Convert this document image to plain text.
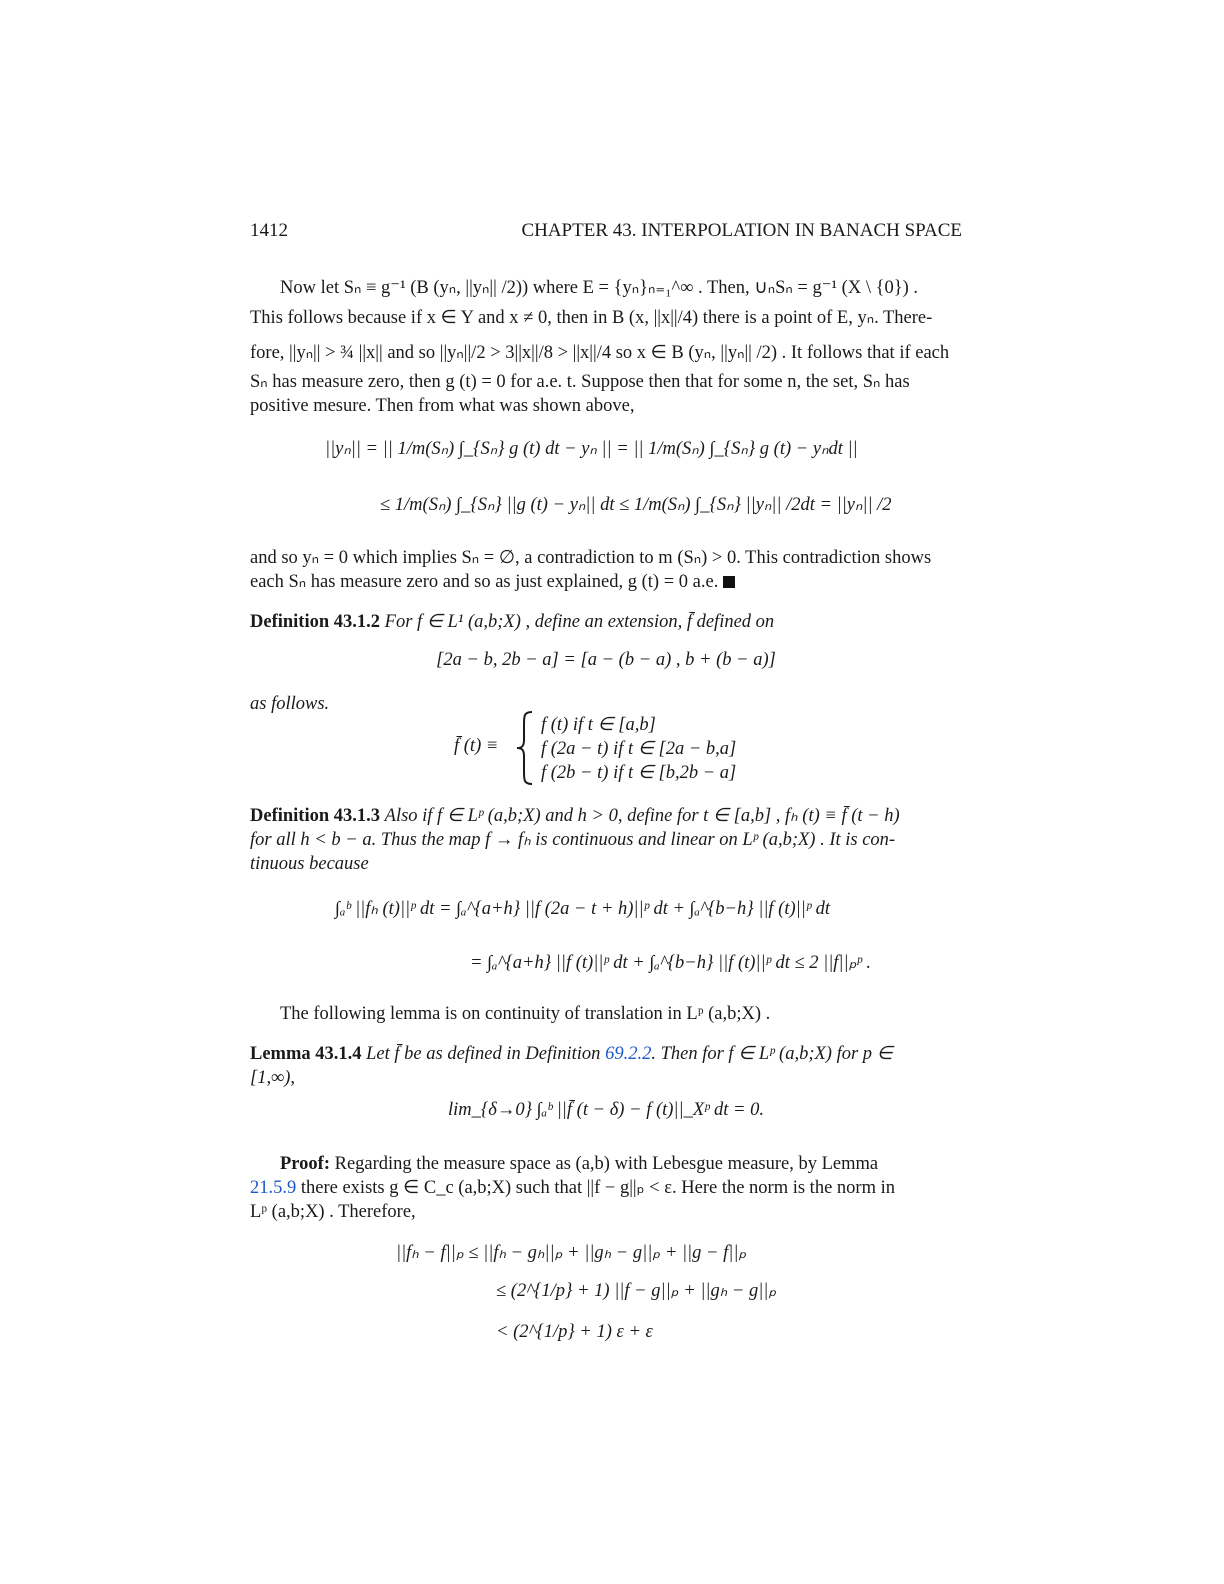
1412	CHAPTER 43. INTERPOLATION IN BANACH SPACE
Now let Sₙ ≡ g⁻¹ (B (yₙ, ||yₙ|| /2)) where E = {yₙ}ₙ₌₁^∞ . Then, ∪ₙSₙ = g⁻¹ (X \ {0}) .
This follows because if x ∈ Y and x ≠ 0, then in B (x, ||x||/4) there is a point of E, yₙ. There-
fore, ||yₙ|| > ¾ ||x|| and so ||yₙ||/2 > 3||x||/8 > ||x||/4 so x ∈ B (yₙ, ||yₙ|| /2) . It follows that if each
Sₙ has measure zero, then g (t) = 0 for a.e. t. Suppose then that for some n, the set, Sₙ has
positive mesure. Then from what was shown above,
||yₙ|| = || 1/m(Sₙ) ∫_{Sₙ} g (t) dt − yₙ || = || 1/m(Sₙ) ∫_{Sₙ} g (t) − yₙdt ||
≤ 1/m(Sₙ) ∫_{Sₙ} ||g (t) − yₙ|| dt ≤ 1/m(Sₙ) ∫_{Sₙ} ||yₙ|| /2dt = ||yₙ|| /2
and so yₙ = 0 which implies Sₙ = ∅, a contradiction to m (Sₙ) > 0. This contradiction shows
each Sₙ has measure zero and so as just explained, g (t) = 0 a.e.
Definition 43.1.2 For f ∈ L¹ (a,b;X) , define an extension, f̄ defined on
[2a − b, 2b − a] = [a − (b − a) , b + (b − a)]
as follows.
f̄ (t) ≡
f (t) if t ∈ [a,b]
f (2a − t) if t ∈ [2a − b,a]
f (2b − t) if t ∈ [b,2b − a]
Definition 43.1.3 Also if f ∈ Lᵖ (a,b;X) and h > 0, define for t ∈ [a,b] , fₕ (t) ≡ f̄ (t − h)
for all h < b − a. Thus the map f → fₕ is continuous and linear on Lᵖ (a,b;X) . It is con-
tinuous because
∫ₐᵇ ||fₕ (t)||ᵖ dt = ∫ₐ^{a+h} ||f (2a − t + h)||ᵖ dt + ∫ₐ^{b−h} ||f (t)||ᵖ dt
= ∫ₐ^{a+h} ||f (t)||ᵖ dt + ∫ₐ^{b−h} ||f (t)||ᵖ dt ≤ 2 ||f||ₚᵖ .
The following lemma is on continuity of translation in Lᵖ (a,b;X) .
Lemma 43.1.4 Let f̄ be as defined in Definition 69.2.2. Then for f ∈ Lᵖ (a,b;X) for p ∈
[1,∞),
lim_{δ→0} ∫ₐᵇ ||f̄ (t − δ) − f (t)||_Xᵖ dt = 0.
Proof: Regarding the measure space as (a,b) with Lebesgue measure, by Lemma
21.5.9 there exists g ∈ C_c (a,b;X) such that ||f − g||ₚ < ε. Here the norm is the norm in
Lᵖ (a,b;X) . Therefore,
||fₕ − f||ₚ ≤ ||fₕ − gₕ||ₚ + ||gₕ − g||ₚ + ||g − f||ₚ
≤ (2^{1/p} + 1) ||f − g||ₚ + ||gₕ − g||ₚ
< (2^{1/p} + 1) ε + ε
